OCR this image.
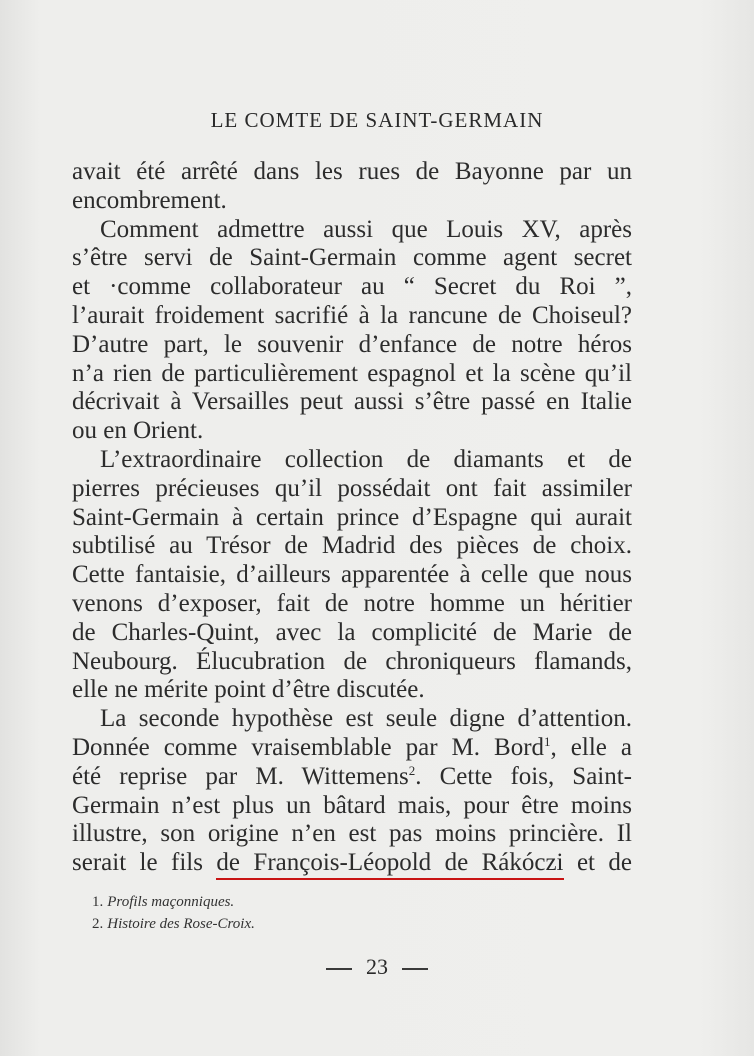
LE COMTE DE SAINT-GERMAIN

avait été arrêté dans les rues de Bayonne par un
encombrement.

Comment admettre aussi que Louis XV, après
s’être servi de Saint-Germain comme agent secret
et ·comme collaborateur au “ Secret du Roi ”,
l’aurait froidement sacrifié à la rancune de Choiseul?
D’autre part, le souvenir d’enfance de notre héros
n’a rien de particulièrement espagnol et la scène qu’il
décrivait à Versailles peut aussi s’être passé en Italie
ou en Orient.

L’extraordinaire collection de diamants et de
pierres précieuses qu’il possédait ont fait assimiler
Saint-Germain à certain prince d’Espagne qui aurait
subtilisé au Trésor de Madrid des pièces de choix.
Cette fantaisie, d’ailleurs apparentée à celle que nous
venons d’exposer, fait de notre homme un héritier
de Charles-Quint, avec la complicité de Marie de
Neubourg. Élucubration de chroniqueurs flamands,
elle ne mérite point d’être discutée.

La seconde hypothèse est seule digne d’attention.
Donnée comme vraisemblable par M. Bord$^1$, elle a
été reprise par M. Wittemens$^2$. Cette fois, Saint-
Germain n’est plus un bâtard mais, pour être moins
illustre, son origine n’en est pas moins princière. Il
serait le fils de François-Léopold de Rákóczi et de

1. Profils maçonniques.
2. Histoire des Rose-Croix.
23
